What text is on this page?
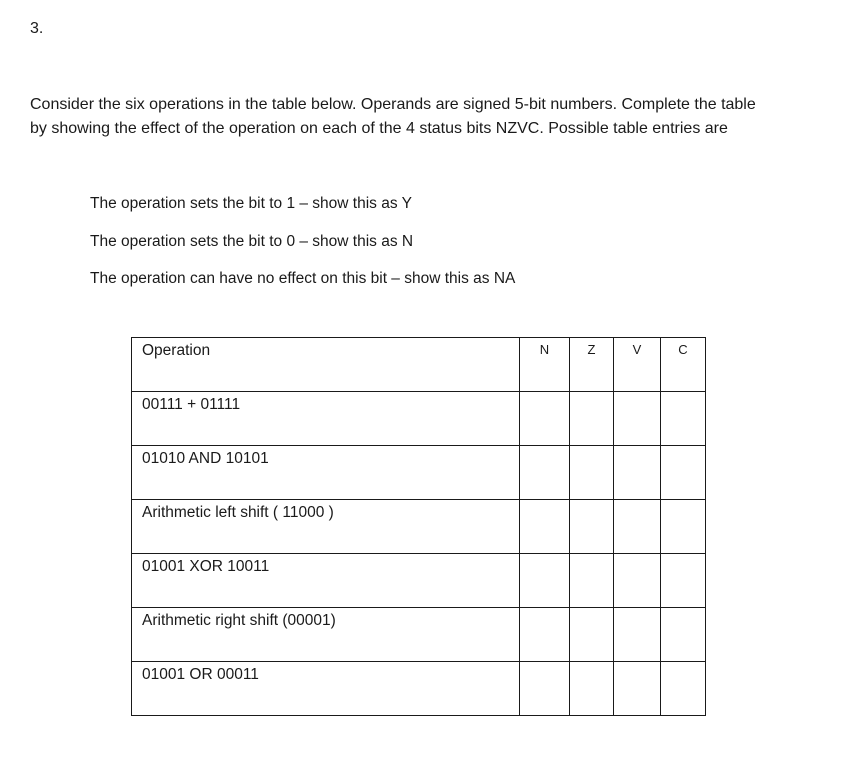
3.

Consider the six operations in the table below. Operands are signed 5-bit numbers. Complete the table

by showing the effect of the operation on each of the 4 status bits NZVC. Possible table entries are

The operation sets the bit to 1 – show this as Y
The operation sets the bit to 0 – show this as N
The operation can have no effect on this bit – show this as NA
Operation	N	Z	V	C
00111 + 01111				
01010 AND 10101				
Arithmetic left shift ( 11000 )				
01001 XOR 10011				
Arithmetic right shift (00001)				
01001 OR 00011				
